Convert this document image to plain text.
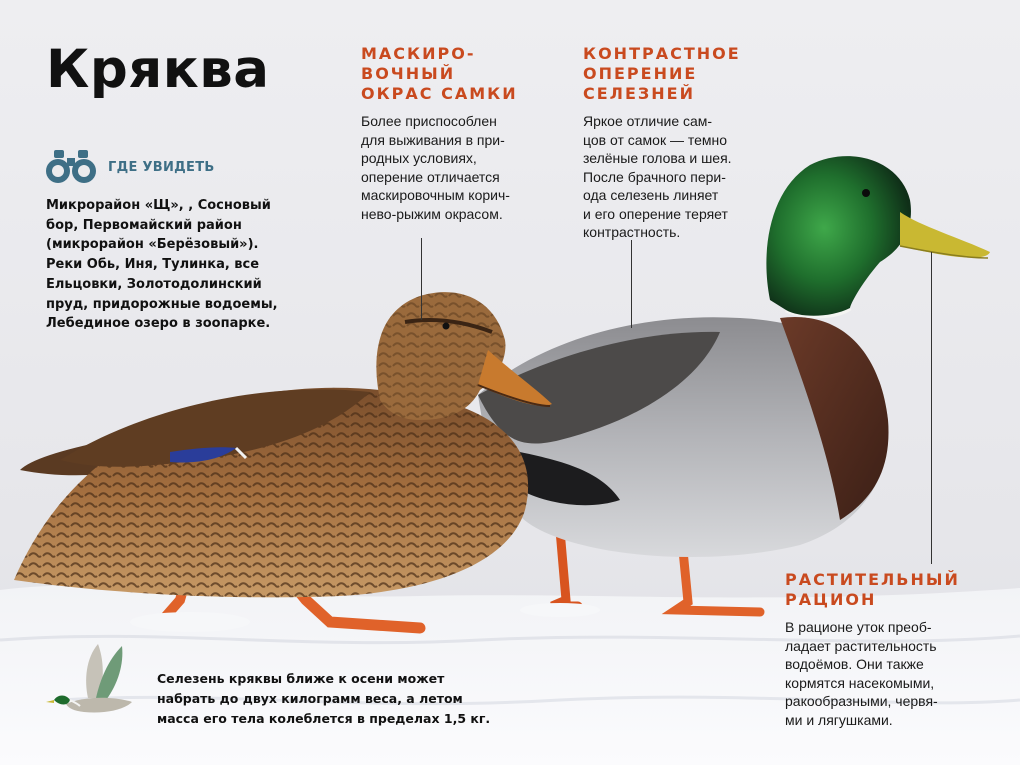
Кряква
ГДЕ УВИДЕТЬ

Микрорайон «Щ», , Сосновый бор, Первомайский район (микрорайон «Берёзовый»). Реки Обь, Иня, Тулинка, все Ельцовки, Золотодолинский пруд, придорожные водоемы, Лебединое озеро в зоопарке.

МАСКИРО-
ВОЧНЫЙ
ОКРАС САМКИ

Более приспособлен
для выживания в при-
родных условиях,
оперение отличается
маскировочным корич-
нево-рыжим окрасом.

КОНТРАСТНОЕ
ОПЕРЕНИЕ
СЕЛЕЗНЕЙ

Яркое отличие сам-
цов от самок — темно
зелёные голова и шея.
После брачного пери-
ода селезень линяет
и его оперение теряет
контрастность.

РАСТИТЕЛЬНЫЙ
РАЦИОН

В рационе уток преоб-
ладает растительность
водоёмов. Они также
кормятся насекомыми,
ракообразными, червя-
ми и лягушками.

Селезень кряквы ближе к осени может
набрать до двух килограмм веса, а летом
масса его тела колеблется в пределах 1,5 кг.
